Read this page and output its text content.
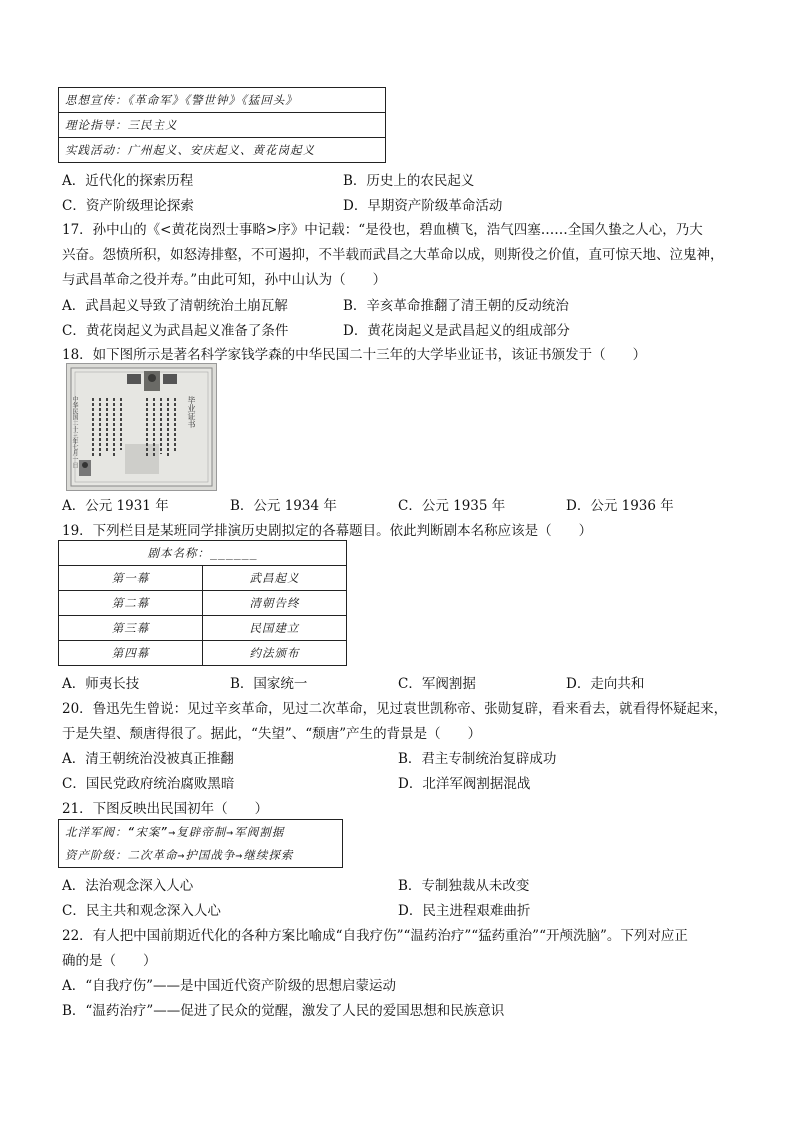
思想宣传：《革命军》《警世钟》《猛回头》
理论指导：三民主义
实践活动：广州起义、安庆起义、黄花岗起义
A．近代化的探索历程	B．历史上的农民起义
C．资产阶级理论探索	D．早期资产阶级革命活动
17．孙中山的《<黄花岗烈士事略>序》中记载：“是役也，碧血横飞，浩气四塞……全国久蛰之人心，乃大
兴奋。怨愤所积，如怒涛排壑，不可遏抑，不半载而武昌之大革命以成，则斯役之价值，直可惊天地、泣鬼神，
与武昌革命之役并寿。”由此可知，孙中山认为（　　）
A．武昌起义导致了清朝统治土崩瓦解	B．辛亥革命推翻了清王朝的反动统治
C．黄花岗起义为武昌起义准备了条件	D．黄花岗起义是武昌起义的组成部分
18．如下图所示是著名科学家钱学森的中华民国二十三年的大学毕业证书，该证书颁发于（　　）
中华民国二十三年七月一日	毕业证书
A．公元 1931 年	B．公元 1934 年	C．公元 1935 年	D．公元 1936 年
19．下列栏目是某班同学排演历史剧拟定的各幕题目。依此判断剧本名称应该是（　　）
剧本名称：______	
第一幕	武昌起义
第二幕	清朝告终
第三幕	民国建立
第四幕	约法颁布
A．师夷长技	B．国家统一	C．军阀割据	D．走向共和
20．鲁迅先生曾说：见过辛亥革命，见过二次革命，见过袁世凯称帝、张勋复辟，看来看去，就看得怀疑起来，
于是失望、颓唐得很了。据此，“失望”、“颓唐”产生的背景是（　　）
A．清王朝统治没被真正推翻	B．君主专制统治复辟成功
C．国民党政府统治腐败黑暗	D．北洋军阀割据混战
21．下图反映出民国初年（　　）
北洋军阀：“宋案”→复辟帝制→军阀割据
资产阶级：二次革命→护国战争→继续探索
A．法治观念深入人心	B．专制独裁从未改变
C．民主共和观念深入人心	D．民主进程艰难曲折
22．有人把中国前期近代化的各种方案比喻成“自我疗伤”“温药治疗”“猛药重治”“开颅洗脑”。下列对应正
确的是（　　）
A．“自我疗伤”——是中国近代资产阶级的思想启蒙运动
B．“温药治疗”——促进了民众的觉醒，激发了人民的爱国思想和民族意识
